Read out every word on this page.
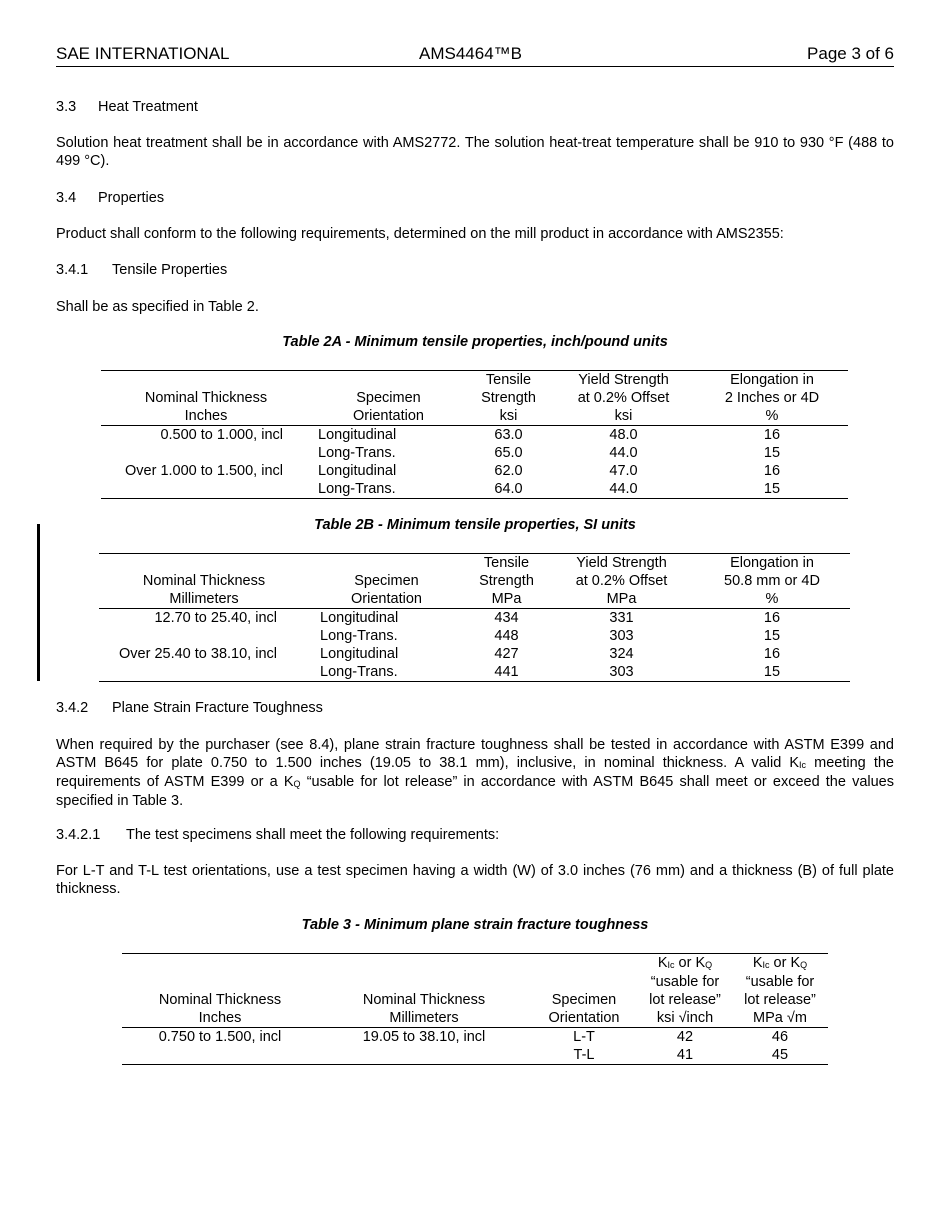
SAE INTERNATIONAL	AMS4464™B	Page 3 of 6
3.3 Heat Treatment
Solution heat treatment shall be in accordance with AMS2772. The solution heat-treat temperature shall be 910 to 930 °F (488 to 499 °C).
3.4 Properties
Product shall conform to the following requirements, determined on the mill product in accordance with AMS2355:
3.4.1 Tensile Properties
Shall be as specified in Table 2.
Table 2A - Minimum tensile properties, inch/pound units
		Tensile	Yield Strength	Elongation in
Nominal Thickness	Specimen	Strength	at 0.2% Offset	2 Inches or 4D
Inches	Orientation	ksi	ksi	%
0.500 to 1.000, incl	Longitudinal	63.0	48.0	16
	Long-Trans.	65.0	44.0	15
Over 1.000 to 1.500, incl	Longitudinal	62.0	47.0	16
	Long-Trans.	64.0	44.0	15
Table 2B - Minimum tensile properties, SI units
		Tensile	Yield Strength	Elongation in
Nominal Thickness	Specimen	Strength	at 0.2% Offset	50.8 mm or 4D
Millimeters	Orientation	MPa	MPa	%
12.70 to 25.40, incl	Longitudinal	434	331	16
	Long-Trans.	448	303	15
Over 25.40 to 38.10, incl	Longitudinal	427	324	16
	Long-Trans.	441	303	15
3.4.2 Plane Strain Fracture Toughness
When required by the purchaser (see 8.4), plane strain fracture toughness shall be tested in accordance with ASTM E399 and ASTM B645 for plate 0.750 to 1.500 inches (19.05 to 38.1 mm), inclusive, in nominal thickness. A valid $K_{Ic}$ meeting the requirements of ASTM E399 or a $K_Q$ “usable for lot release” in accordance with ASTM B645 shall meet or exceed the values specified in Table 3.
3.4.2.1 The test specimens shall meet the following requirements:
For L-T and T-L test orientations, use a test specimen having a width (W) of 3.0 inches (76 mm) and a thickness (B) of full plate thickness.
Table 3 - Minimum plane strain fracture toughness
			$K_{Ic}$ or $K_Q$	$K_{Ic}$ or $K_Q$
			“usable for	“usable for
Nominal Thickness	Nominal Thickness	Specimen	lot release”	lot release”
Inches	Millimeters	Orientation	ksi √inch	MPa √m
0.750 to 1.500, incl	19.05 to 38.10, incl	L-T	42	46
		T-L	41	45
